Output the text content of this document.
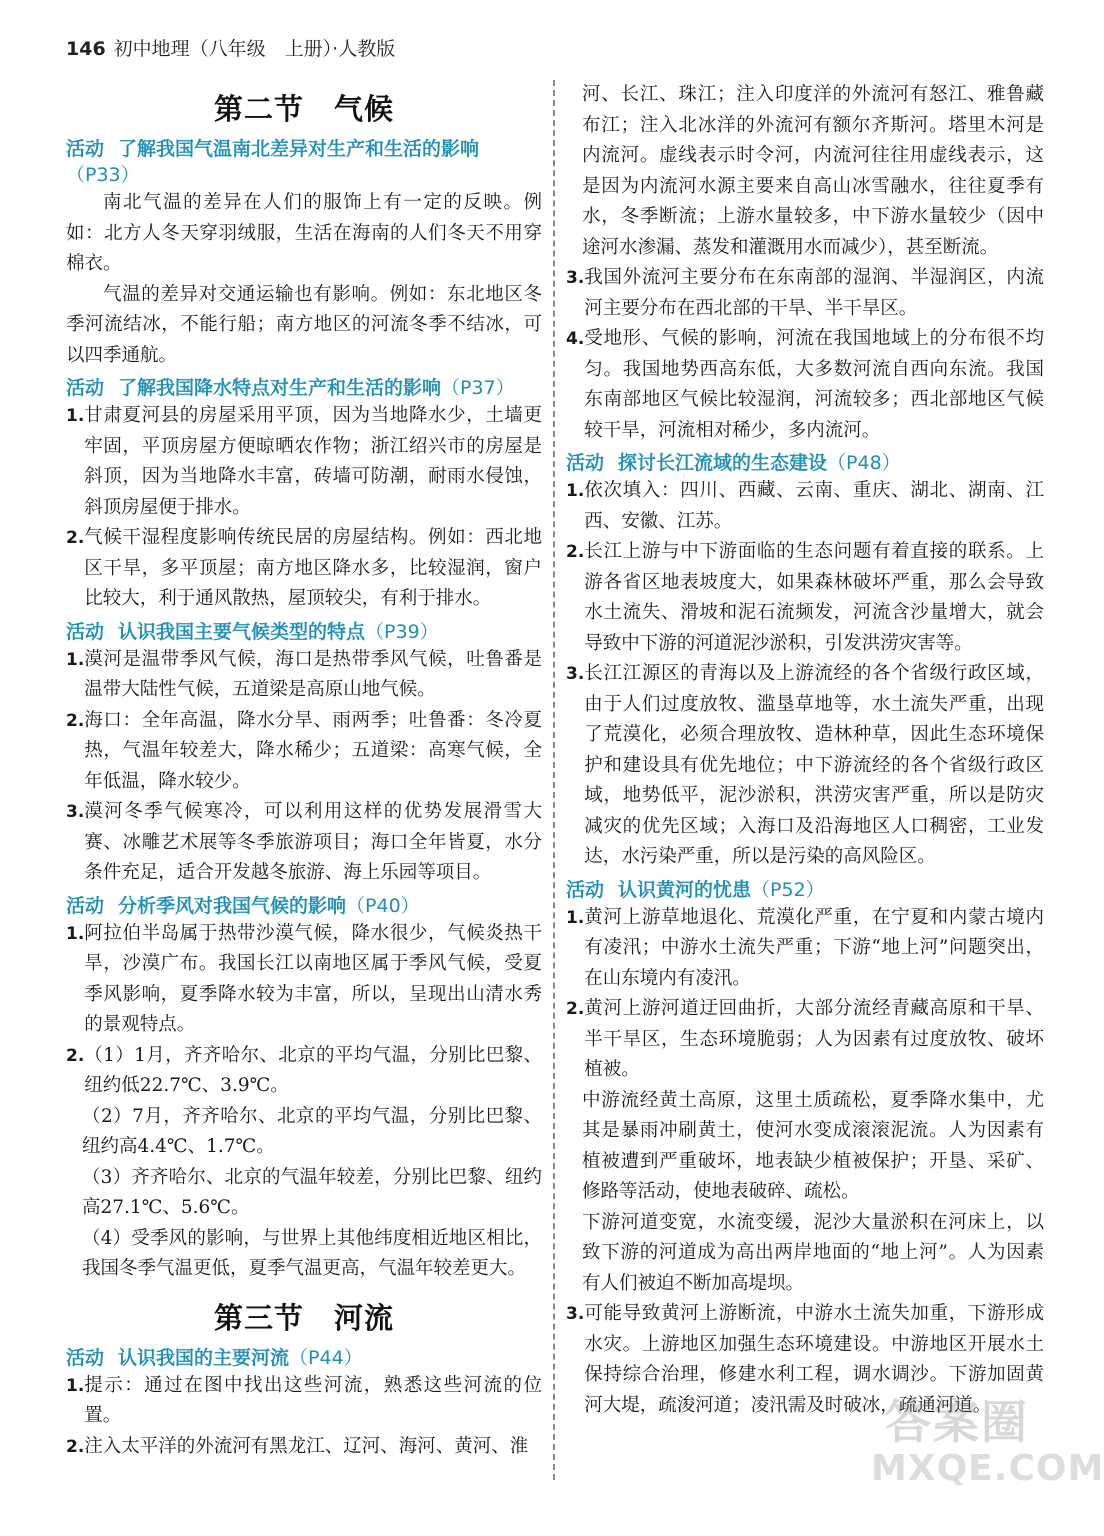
146 初中地理（八年级　上册）·人教版
第二节　气候
活动 了解我国气温南北差异对生产和生活的影响（P33）
南北气温的差异在人们的服饰上有一定的反映。例如：北方人冬天穿羽绒服，生活在海南的人们冬天不用穿棉衣。
气温的差异对交通运输也有影响。例如：东北地区冬季河流结冰，不能行船；南方地区的河流冬季不结冰，可以四季通航。
活动 了解我国降水特点对生产和生活的影响（P37）
1. 甘肃夏河县的房屋采用平顶，因为当地降水少，土墙更牢固，平顶房屋方便晾晒农作物；浙江绍兴市的房屋是斜顶，因为当地降水丰富，砖墙可防潮，耐雨水侵蚀，斜顶房屋便于排水。
2. 气候干湿程度影响传统民居的房屋结构。例如：西北地区干旱，多平顶屋；南方地区降水多，比较湿润，窗户比较大，利于通风散热，屋顶较尖，有利于排水。
活动 认识我国主要气候类型的特点（P39）
1. 漠河是温带季风气候，海口是热带季风气候，吐鲁番是温带大陆性气候，五道梁是高原山地气候。
2. 海口：全年高温，降水分旱、雨两季；吐鲁番：冬冷夏热，气温年较差大，降水稀少；五道梁：高寒气候，全年低温，降水较少。
3. 漠河冬季气候寒冷，可以利用这样的优势发展滑雪大赛、冰雕艺术展等冬季旅游项目；海口全年皆夏，水分条件充足，适合开发越冬旅游、海上乐园等项目。
活动 分析季风对我国气候的影响（P40）
1. 阿拉伯半岛属于热带沙漠气候，降水很少，气候炎热干旱，沙漠广布。我国长江以南地区属于季风气候，受夏季风影响，夏季降水较为丰富，所以，呈现出山清水秀的景观特点。
2. （1）1月，齐齐哈尔、北京的平均气温，分别比巴黎、纽约低22.7℃、3.9℃。
（2）7月，齐齐哈尔、北京的平均气温，分别比巴黎、纽约高4.4℃、1.7℃。
（3）齐齐哈尔、北京的气温年较差，分别比巴黎、纽约高27.1℃、5.6℃。
（4）受季风的影响，与世界上其他纬度相近地区相比，我国冬季气温更低，夏季气温更高，气温年较差更大。
第三节　河流
活动 认识我国的主要河流（P44）
1. 提示：通过在图中找出这些河流，熟悉这些河流的位置。
2. 注入太平洋的外流河有黑龙江、辽河、海河、黄河、淮
河、长江、珠江；注入印度洋的外流河有怒江、雅鲁藏布江；注入北冰洋的外流河有额尔齐斯河。塔里木河是内流河。虚线表示时令河，内流河往往用虚线表示，这是因为内流河水源主要来自高山冰雪融水，往往夏季有水，冬季断流；上游水量较多，中下游水量较少（因中途河水渗漏、蒸发和灌溉用水而减少），甚至断流。
3. 我国外流河主要分布在东南部的湿润、半湿润区，内流河主要分布在西北部的干旱、半干旱区。
4. 受地形、气候的影响，河流在我国地域上的分布很不均匀。我国地势西高东低，大多数河流自西向东流。我国东南部地区气候比较湿润，河流较多；西北部地区气候较干旱，河流相对稀少，多内流河。
活动 探讨长江流域的生态建设（P48）
1. 依次填入：四川、西藏、云南、重庆、湖北、湖南、江西、安徽、江苏。
2. 长江上游与中下游面临的生态问题有着直接的联系。上游各省区地表坡度大，如果森林破坏严重，那么会导致水土流失、滑坡和泥石流频发，河流含沙量增大，就会导致中下游的河道泥沙淤积，引发洪涝灾害等。
3. 长江江源区的青海以及上游流经的各个省级行政区域，由于人们过度放牧、滥垦草地等，水土流失严重，出现了荒漠化，必须合理放牧、造林种草，因此生态环境保护和建设具有优先地位；中下游流经的各个省级行政区域，地势低平，泥沙淤积，洪涝灾害严重，所以是防灾减灾的优先区域；入海口及沿海地区人口稠密，工业发达，水污染严重，所以是污染的高风险区。
活动 认识黄河的忧患（P52）
1. 黄河上游草地退化、荒漠化严重，在宁夏和内蒙古境内有凌汛；中游水土流失严重；下游“地上河”问题突出，在山东境内有凌汛。
2. 黄河上游河道迂回曲折，大部分流经青藏高原和干旱、半干旱区，生态环境脆弱；人为因素有过度放牧、破坏植被。
中游流经黄土高原，这里土质疏松，夏季降水集中，尤其是暴雨冲刷黄土，使河水变成滚滚泥流。人为因素有植被遭到严重破坏，地表缺少植被保护；开垦、采矿、修路等活动，使地表破碎、疏松。
下游河道变宽，水流变缓，泥沙大量淤积在河床上，以致下游的河道成为高出两岸地面的“地上河”。人为因素有人们被迫不断加高堤坝。
3. 可能导致黄河上游断流，中游水土流失加重，下游形成水灾。上游地区加强生态环境建设。中游地区开展水土保持综合治理，修建水利工程，调水调沙。下游加固黄河大堤，疏浚河道；凌汛需及时破冰，疏通河道。
答案圈
MXQE.COM
